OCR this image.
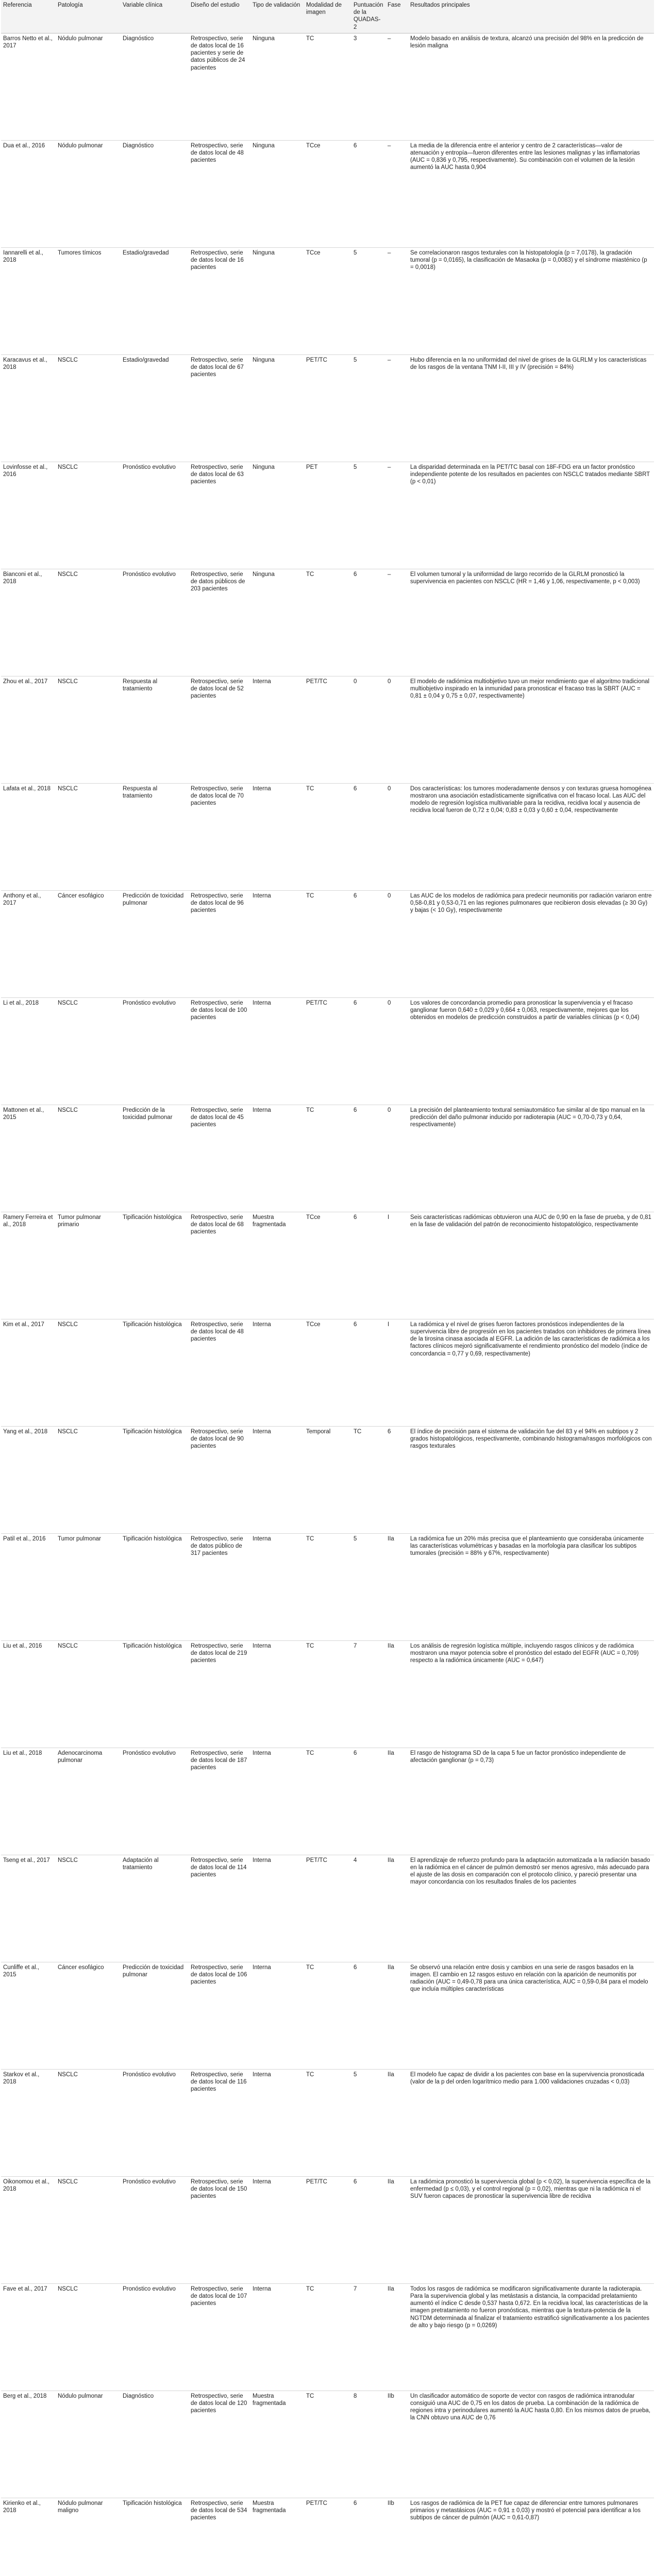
Referencia	Patología	Variable clínica	Diseño del estudio	Tipo de validación	Modalidad de imagen	Puntuación de la QUADAS-2	Fase	Resultados principales
Barros Netto et al., 2017	Nódulo pulmonar	Diagnóstico	Retrospectivo, serie de datos local de 16 pacientes y serie de datos públicos de 24 pacientes	Ninguna	TC	3	–	Modelo basado en análisis de textura, alcanzó una precisión del 98% en la predicción de lesión maligna
Dua et al., 2016	Nódulo pulmonar	Diagnóstico	Retrospectivo, serie de datos local de 48 pacientes	Ninguna	TCce	6	–	La media de la diferencia entre el anterior y centro de 2 características—valor de atenuación y entropía—fueron diferentes entre las lesiones malignas y las inflamatorias (AUC = 0,836 y 0,795, respectivamente). Su combinación con el volumen de la lesión aumentó la AUC hasta 0,904
Iannarelli et al., 2018	Tumores tímicos	Estadio/gravedad	Retrospectivo, serie de datos local de 16 pacientes	Ninguna	TCce	5	–	Se correlacionaron rasgos texturales con la histopatología (p = 7,0178), la gradación tumoral (p = 0,0165), la clasificación de Masaoka (p = 0,0083) y el síndrome miasténico (p = 0,0018)
Karacavus et al., 2018	NSCLC	Estadio/gravedad	Retrospectivo, serie de datos local de 67 pacientes	Ninguna	PET/TC	5	–	Hubo diferencia en la no uniformidad del nivel de grises de la GLRLM y los características de los rasgos de la ventana TNM I-II, III y IV (precisión = 84%)
Lovinfosse et al., 2016	NSCLC	Pronóstico evolutivo	Retrospectivo, serie de datos local de 63 pacientes	Ninguna	PET	5	–	La disparidad determinada en la PET/TC basal con 18F-FDG era un factor pronóstico independiente potente de los resultados en pacientes con NSCLC tratados mediante SBRT (p < 0,01)
Bianconi et al., 2018	NSCLC	Pronóstico evolutivo	Retrospectivo, serie de datos públicos de 203 pacientes	Ninguna	TC	6	–	El volumen tumoral y la uniformidad de largo recorrido de la GLRLM pronosticó la supervivencia en pacientes con NSCLC (HR = 1,46 y 1,06, respectivamente, p < 0,003)
Zhou et al., 2017	NSCLC	Respuesta al tratamiento	Retrospectivo, serie de datos local de 52 pacientes	Interna	PET/TC	0	0	El modelo de radiómica multiobjetivo tuvo un mejor rendimiento que el algoritmo tradicional multiobjetivo inspirado en la inmunidad para pronosticar el fracaso tras la SBRT (AUC = 0,81 ± 0,04 y 0,75 ± 0,07, respectivamente)
Lafata et al., 2018	NSCLC	Respuesta al tratamiento	Retrospectivo, serie de datos local de 70 pacientes	Interna	TC	6	0	Dos características: los tumores moderadamente densos y con texturas gruesa homogénea mostraron una asociación estadísticamente significativa con el fracaso local. Las AUC del modelo de regresión logística multivariable para la recidiva, recidiva local y ausencia de recidiva local fueron de 0,72 ± 0,04; 0,83 ± 0,03 y 0,60 ± 0,04, respectivamente
Anthony et al., 2017	Cáncer esofágico	Predicción de toxicidad pulmonar	Retrospectivo, serie de datos local de 96 pacientes	Interna	TC	6	0	Las AUC de los modelos de radiómica para predecir neumonitis por radiación variaron entre 0,58-0,81 y 0,53-0,71 en las regiones pulmonares que recibieron dosis elevadas (≥ 30 Gy) y bajas (< 10 Gy), respectivamente
Li et al., 2018	NSCLC	Pronóstico evolutivo	Retrospectivo, serie de datos local de 100 pacientes	Interna	PET/TC	6	0	Los valores de concordancia promedio para pronosticar la supervivencia y el fracaso ganglionar fueron 0,640 ± 0,029 y 0,664 ± 0,063, respectivamente, mejores que los obtenidos en modelos de predicción construidos a partir de variables clínicas (p < 0,04)
Mattonen et al., 2015	NSCLC	Predicción de la toxicidad pulmonar	Retrospectivo, serie de datos local de 45 pacientes	Interna	TC	6	0	La precisión del planteamiento textural semiautomático fue similar al de tipo manual en la predicción del daño pulmonar inducido por radioterapia (AUC = 0,70-0,73 y 0,64, respectivamente)
Ramery Ferreira et al., 2018	Tumor pulmonar primario	Tipificación histológica	Retrospectivo, serie de datos local de 68 pacientes	Muestra fragmentada	TCce	6	I	Seis características radiómicas obtuvieron una AUC de 0,90 en la fase de prueba, y de 0,81 en la fase de validación del patrón de reconocimiento histopatológico, respectivamente
Kim et al., 2017	NSCLC	Tipificación histológica	Retrospectivo, serie de datos local de 48 pacientes	Interna	TCce	6	I	La radiómica y el nivel de grises fueron factores pronósticos independientes de la supervivencia libre de progresión en los pacientes tratados con inhibidores de primera línea de la tirosina cinasa asociada al EGFR. La adición de las características de radiómica a los factores clínicos mejoró significativamente el rendimiento pronóstico del modelo (índice de concordancia = 0,77 y 0,69, respectivamente)
Yang et al., 2018	NSCLC	Tipificación histológica	Retrospectivo, serie de datos local de 90 pacientes	Interna	Temporal	TC	6	El índice de precisión para el sistema de validación fue del 83 y el 94% en subtipos y 2 grados histopatológicos, respectivamente, combinando histograma/rasgos morfológicos con rasgos texturales
Patil et al., 2016	Tumor pulmonar	Tipificación histológica	Retrospectivo, serie de datos público de 317 pacientes	Interna	TC	5	IIa	La radiómica fue un 20% más precisa que el planteamiento que consideraba únicamente las características volumétricas y basadas en la morfología para clasificar los subtipos tumorales (precisión = 88% y 67%, respectivamente)
Liu et al., 2016	NSCLC	Tipificación histológica	Retrospectivo, serie de datos local de 219 pacientes	Interna	TC	7	IIa	Los análisis de regresión logística múltiple, incluyendo rasgos clínicos y de radiómica mostraron una mayor potencia sobre el pronóstico del estado del EGFR (AUC = 0,709) respecto a la radiómica únicamente (AUC = 0,647)
Liu et al., 2018	Adenocarcinoma pulmonar	Pronóstico evolutivo	Retrospectivo, serie de datos local de 187 pacientes	Interna	TC	6	IIa	El rasgo de histograma SD de la capa 5 fue un factor pronóstico independiente de afectación ganglionar (p = 0,73)
Tseng et al., 2017	NSCLC	Adaptación al tratamiento	Retrospectivo, serie de datos local de 114 pacientes	Interna	PET/TC	4	IIa	El aprendizaje de refuerzo profundo para la adaptación automatizada a la radiación basado en la radiómica en el cáncer de pulmón demostró ser menos agresivo, más adecuado para el ajuste de las dosis en comparación con el protocolo clínico, y pareció presentar una mayor concordancia con los resultados finales de los pacientes
Cunliffe et al., 2015	Cáncer esofágico	Predicción de toxicidad pulmonar	Retrospectivo, serie de datos local de 106 pacientes	Interna	TC	6	IIa	Se observó una relación entre dosis y cambios en una serie de rasgos basados en la imagen. El cambio en 12 rasgos estuvo en relación con la aparición de neumonitis por radiación (AUC = 0,49-0,78 para una única característica, AUC = 0,59-0,84 para el modelo que incluía múltiples características
Starkov et al., 2018	NSCLC	Pronóstico evolutivo	Retrospectivo, serie de datos local de 116 pacientes	Interna	TC	5	IIa	El modelo fue capaz de dividir a los pacientes con base en la supervivencia pronosticada (valor de la p del orden logarítmico medio para 1.000 validaciones cruzadas < 0,03)
Oikonomou et al., 2018	NSCLC	Pronóstico evolutivo	Retrospectivo, serie de datos local de 150 pacientes	Interna	PET/TC	6	IIa	La radiómica pronosticó la supervivencia global (p < 0,02), la supervivencia específica de la enfermedad (p ≤ 0,03), y el control regional (p = 0,02), mientras que ni la radiómica ni el SUV fueron capaces de pronosticar la supervivencia libre de recidiva
Fave et al., 2017	NSCLC	Pronóstico evolutivo	Retrospectivo, serie de datos local de 107 pacientes	Interna	TC	7	IIa	Todos los rasgos de radiómica se modificaron significativamente durante la radioterapia. Para la supervivencia global y las metástasis a distancia, la compacidad prelatamiento aumentó el índice C desde 0,537 hasta 0,672. En la recidiva local, las características de la imagen pretratamiento no fueron pronósticas, mientras que la textura-potencia de la NGTDM determinada al finalizar el tratamiento estratificó significativamente a los pacientes de alto y bajo riesgo (p = 0,0269)
Berg et al., 2018	Nódulo pulmonar	Diagnóstico	Retrospectivo, serie de datos local de 120 pacientes	Muestra fragmentada	TC	8	IIb	Un clasificador automático de soporte de vector con rasgos de radiómica intranodular consiguió una AUC de 0,75 en los datos de prueba. La combinación de la radiómica de regiones intra y perinodulares aumentó la AUC hasta 0,80. En los mismos datos de prueba, la CNN obtuvo una AUC de 0,76
Kirienko et al., 2018	Nódulo pulmonar maligno	Tipificación histológica	Retrospectivo, serie de datos local de 534 pacientes	Muestra fragmentada	PET/TC	6	IIb	Los rasgos de radiómica de la PET fue capaz de diferenciar entre tumores pulmonares primarios y metastásicos (AUC = 0,91 ± 0,03) y mostró el potencial para identificar a los subtipos de cáncer de pulmón (AUC = 0,61-0,87)
